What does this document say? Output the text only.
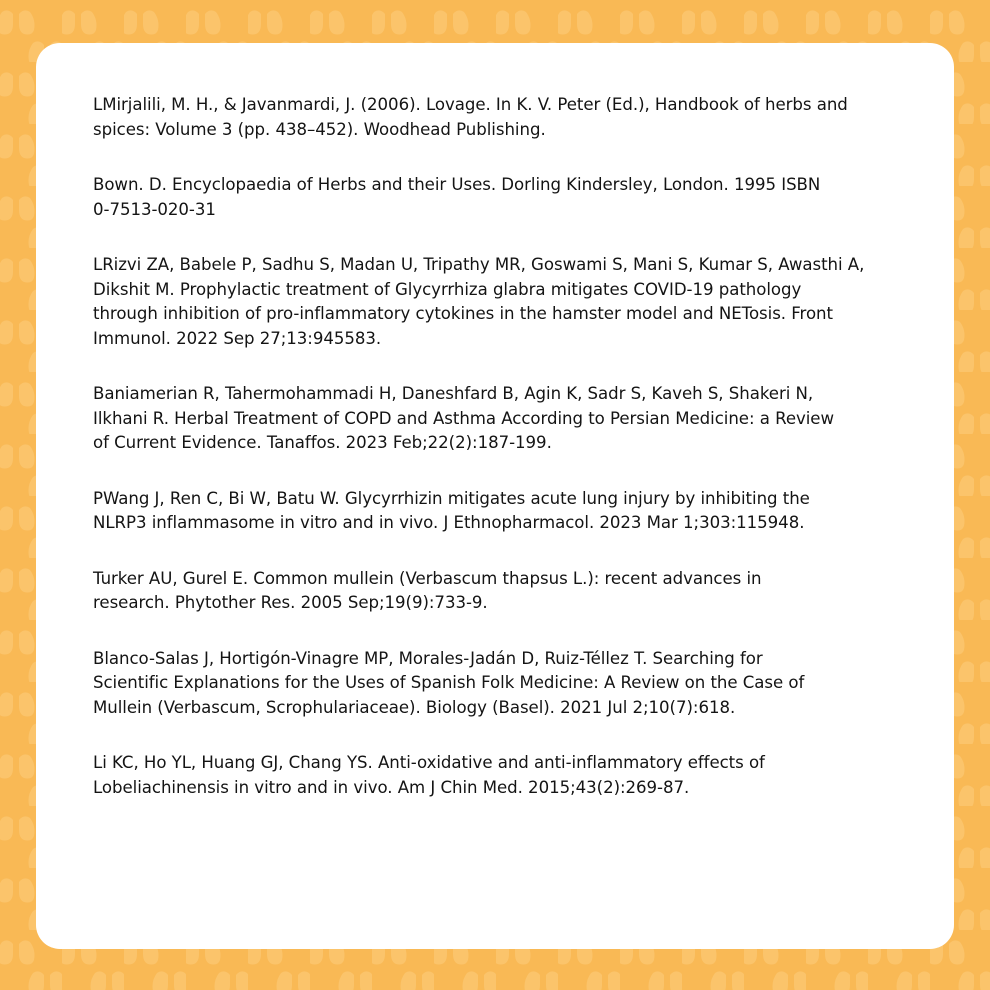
LMirjalili, M. H., & Javanmardi, J. (2006). Lovage. In K. V. Peter (Ed.), Handbook of herbs and
spices: Volume 3 (pp. 438–452). Woodhead Publishing.
Bown. D. Encyclopaedia of Herbs and their Uses. Dorling Kindersley, London. 1995 ISBN
0-7513-020-31
LRizvi ZA, Babele P, Sadhu S, Madan U, Tripathy MR, Goswami S, Mani S, Kumar S, Awasthi A,
Dikshit M. Prophylactic treatment of Glycyrrhiza glabra mitigates COVID-19 pathology
through inhibition of pro-inflammatory cytokines in the hamster model and NETosis. Front
Immunol. 2022 Sep 27;13:945583.
Baniamerian R, Tahermohammadi H, Daneshfard B, Agin K, Sadr S, Kaveh S, Shakeri N,
Ilkhani R. Herbal Treatment of COPD and Asthma According to Persian Medicine: a Review
of Current Evidence. Tanaffos. 2023 Feb;22(2):187-199.
PWang J, Ren C, Bi W, Batu W. Glycyrrhizin mitigates acute lung injury by inhibiting the
NLRP3 inflammasome in vitro and in vivo. J Ethnopharmacol. 2023 Mar 1;303:115948.
Turker AU, Gurel E. Common mullein (Verbascum thapsus L.): recent advances in
research. Phytother Res. 2005 Sep;19(9):733-9.
Blanco-Salas J, Hortigón-Vinagre MP, Morales-Jadán D, Ruiz-Téllez T. Searching for
Scientific Explanations for the Uses of Spanish Folk Medicine: A Review on the Case of
Mullein (Verbascum, Scrophulariaceae). Biology (Basel). 2021 Jul 2;10(7):618.
Li KC, Ho YL, Huang GJ, Chang YS. Anti-oxidative and anti-inflammatory effects of
Lobeliachinensis in vitro and in vivo. Am J Chin Med. 2015;43(2):269-87.
